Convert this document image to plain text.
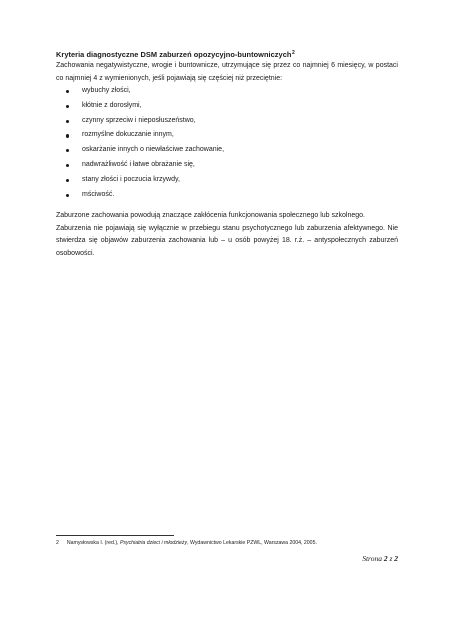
Kryteria diagnostyczne DSM zaburzeń opozycyjno-buntowniczych$^2$
Zachowania negatywistyczne, wrogie i buntownicze, utrzymujące się przez co najmniej 6 miesięcy, w postaci co najmniej 4 z wymienionych, jeśli pojawiają się częściej niż przeciętnie:
wybuchy złości,
kłótnie z dorosłymi,
czynny sprzeciw i nieposłuszeństwo,
rozmyślne dokuczanie innym,
oskarżanie innych o niewłaściwe zachowanie,
nadwrażliwość i łatwe obrażanie się,
stany złości i poczucia krzywdy,
mściwość.
Zaburzone zachowania powodują znaczące zakłócenia funkcjonowania społecznego lub szkolnego.
Zaburzenia nie pojawiają się wyłącznie w przebiegu stanu psychotycznego lub zaburzenia afektywnego. Nie stwierdza się objawów zaburzenia zachowania lub – u osób powyżej 18. r.ż. – antyspołecznych zaburzeń osobowości.
2 Namysłowska I. (red.), Psychiatria dzieci i młodzieży, Wydawnictwo Lekarskie PZWL, Warszawa 2004, 2005.
Strona 2 z 2
